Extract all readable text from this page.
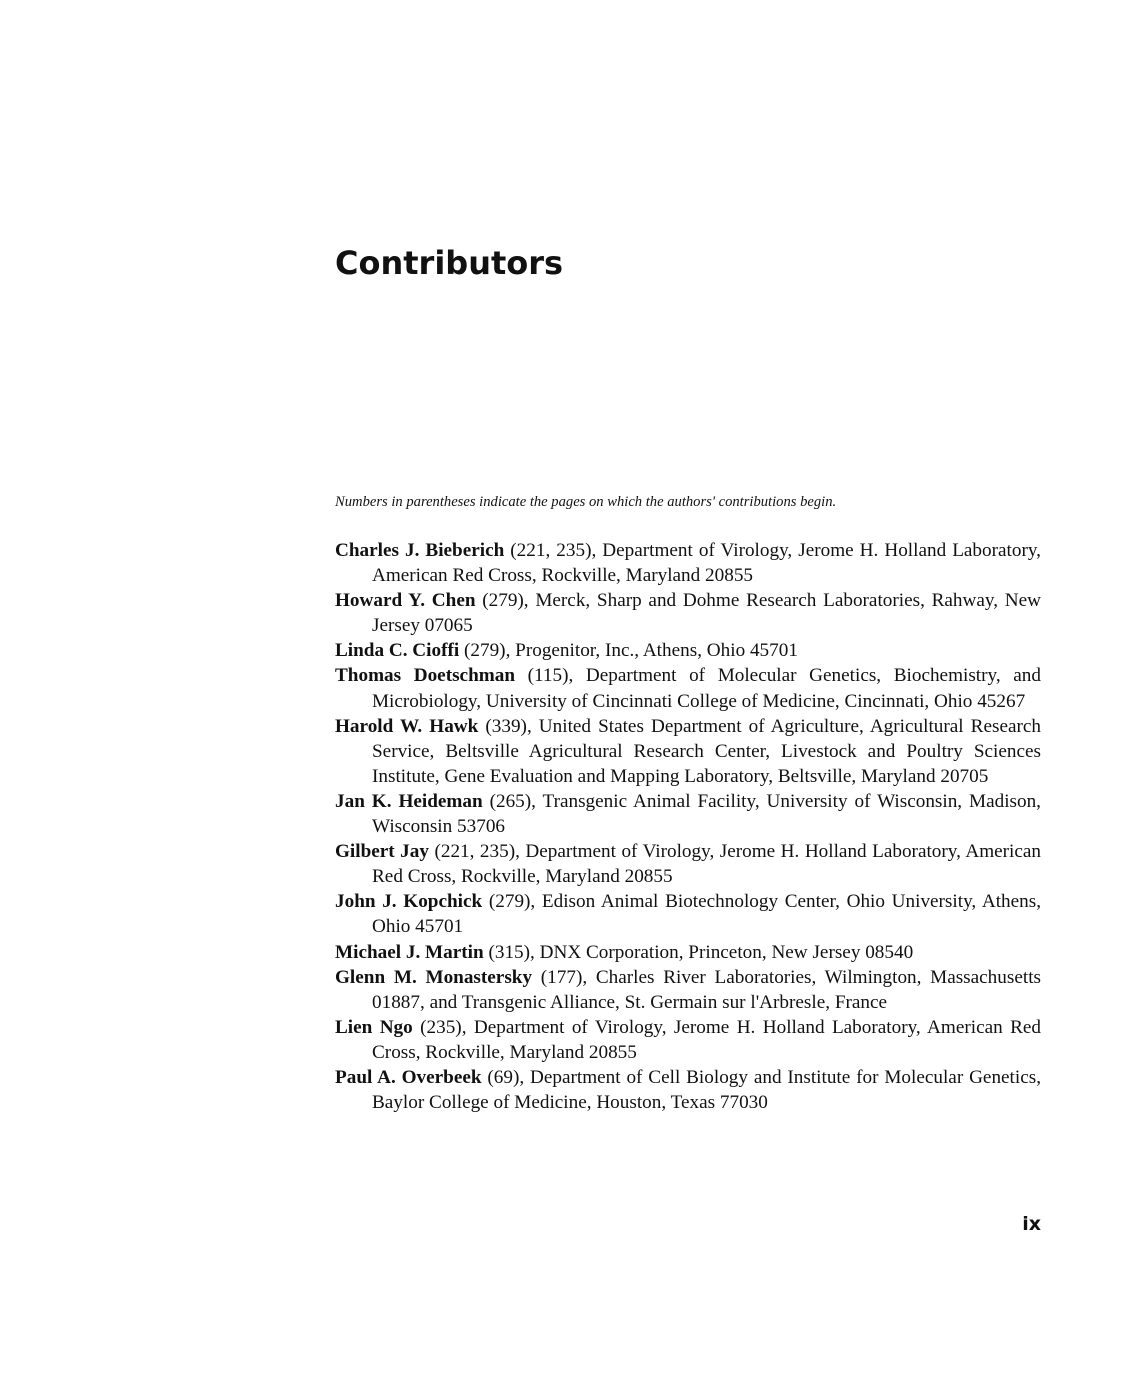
Contributors

Numbers in parentheses indicate the pages on which the authors' contributions begin.

Charles J. Bieberich (221, 235), Department of Virology, Jerome H. Holland Laboratory, American Red Cross, Rockville, Maryland 20855
Howard Y. Chen (279), Merck, Sharp and Dohme Research Laboratories, Rahway, New Jersey 07065
Linda C. Cioffi (279), Progenitor, Inc., Athens, Ohio 45701
Thomas Doetschman (115), Department of Molecular Genetics, Biochemistry, and Microbiology, University of Cincinnati College of Medicine, Cincinnati, Ohio 45267
Harold W. Hawk (339), United States Department of Agriculture, Agricultural Research Service, Beltsville Agricultural Research Center, Livestock and Poultry Sciences Institute, Gene Evaluation and Mapping Laboratory, Beltsville, Maryland 20705
Jan K. Heideman (265), Transgenic Animal Facility, University of Wisconsin, Madison, Wisconsin 53706
Gilbert Jay (221, 235), Department of Virology, Jerome H. Holland Laboratory, American Red Cross, Rockville, Maryland 20855
John J. Kopchick (279), Edison Animal Biotechnology Center, Ohio University, Athens, Ohio 45701
Michael J. Martin (315), DNX Corporation, Princeton, New Jersey 08540
Glenn M. Monastersky (177), Charles River Laboratories, Wilmington, Massachusetts 01887, and Transgenic Alliance, St. Germain sur l'Arbresle, France
Lien Ngo (235), Department of Virology, Jerome H. Holland Laboratory, American Red Cross, Rockville, Maryland 20855
Paul A. Overbeek (69), Department of Cell Biology and Institute for Molecular Genetics, Baylor College of Medicine, Houston, Texas 77030
ix
